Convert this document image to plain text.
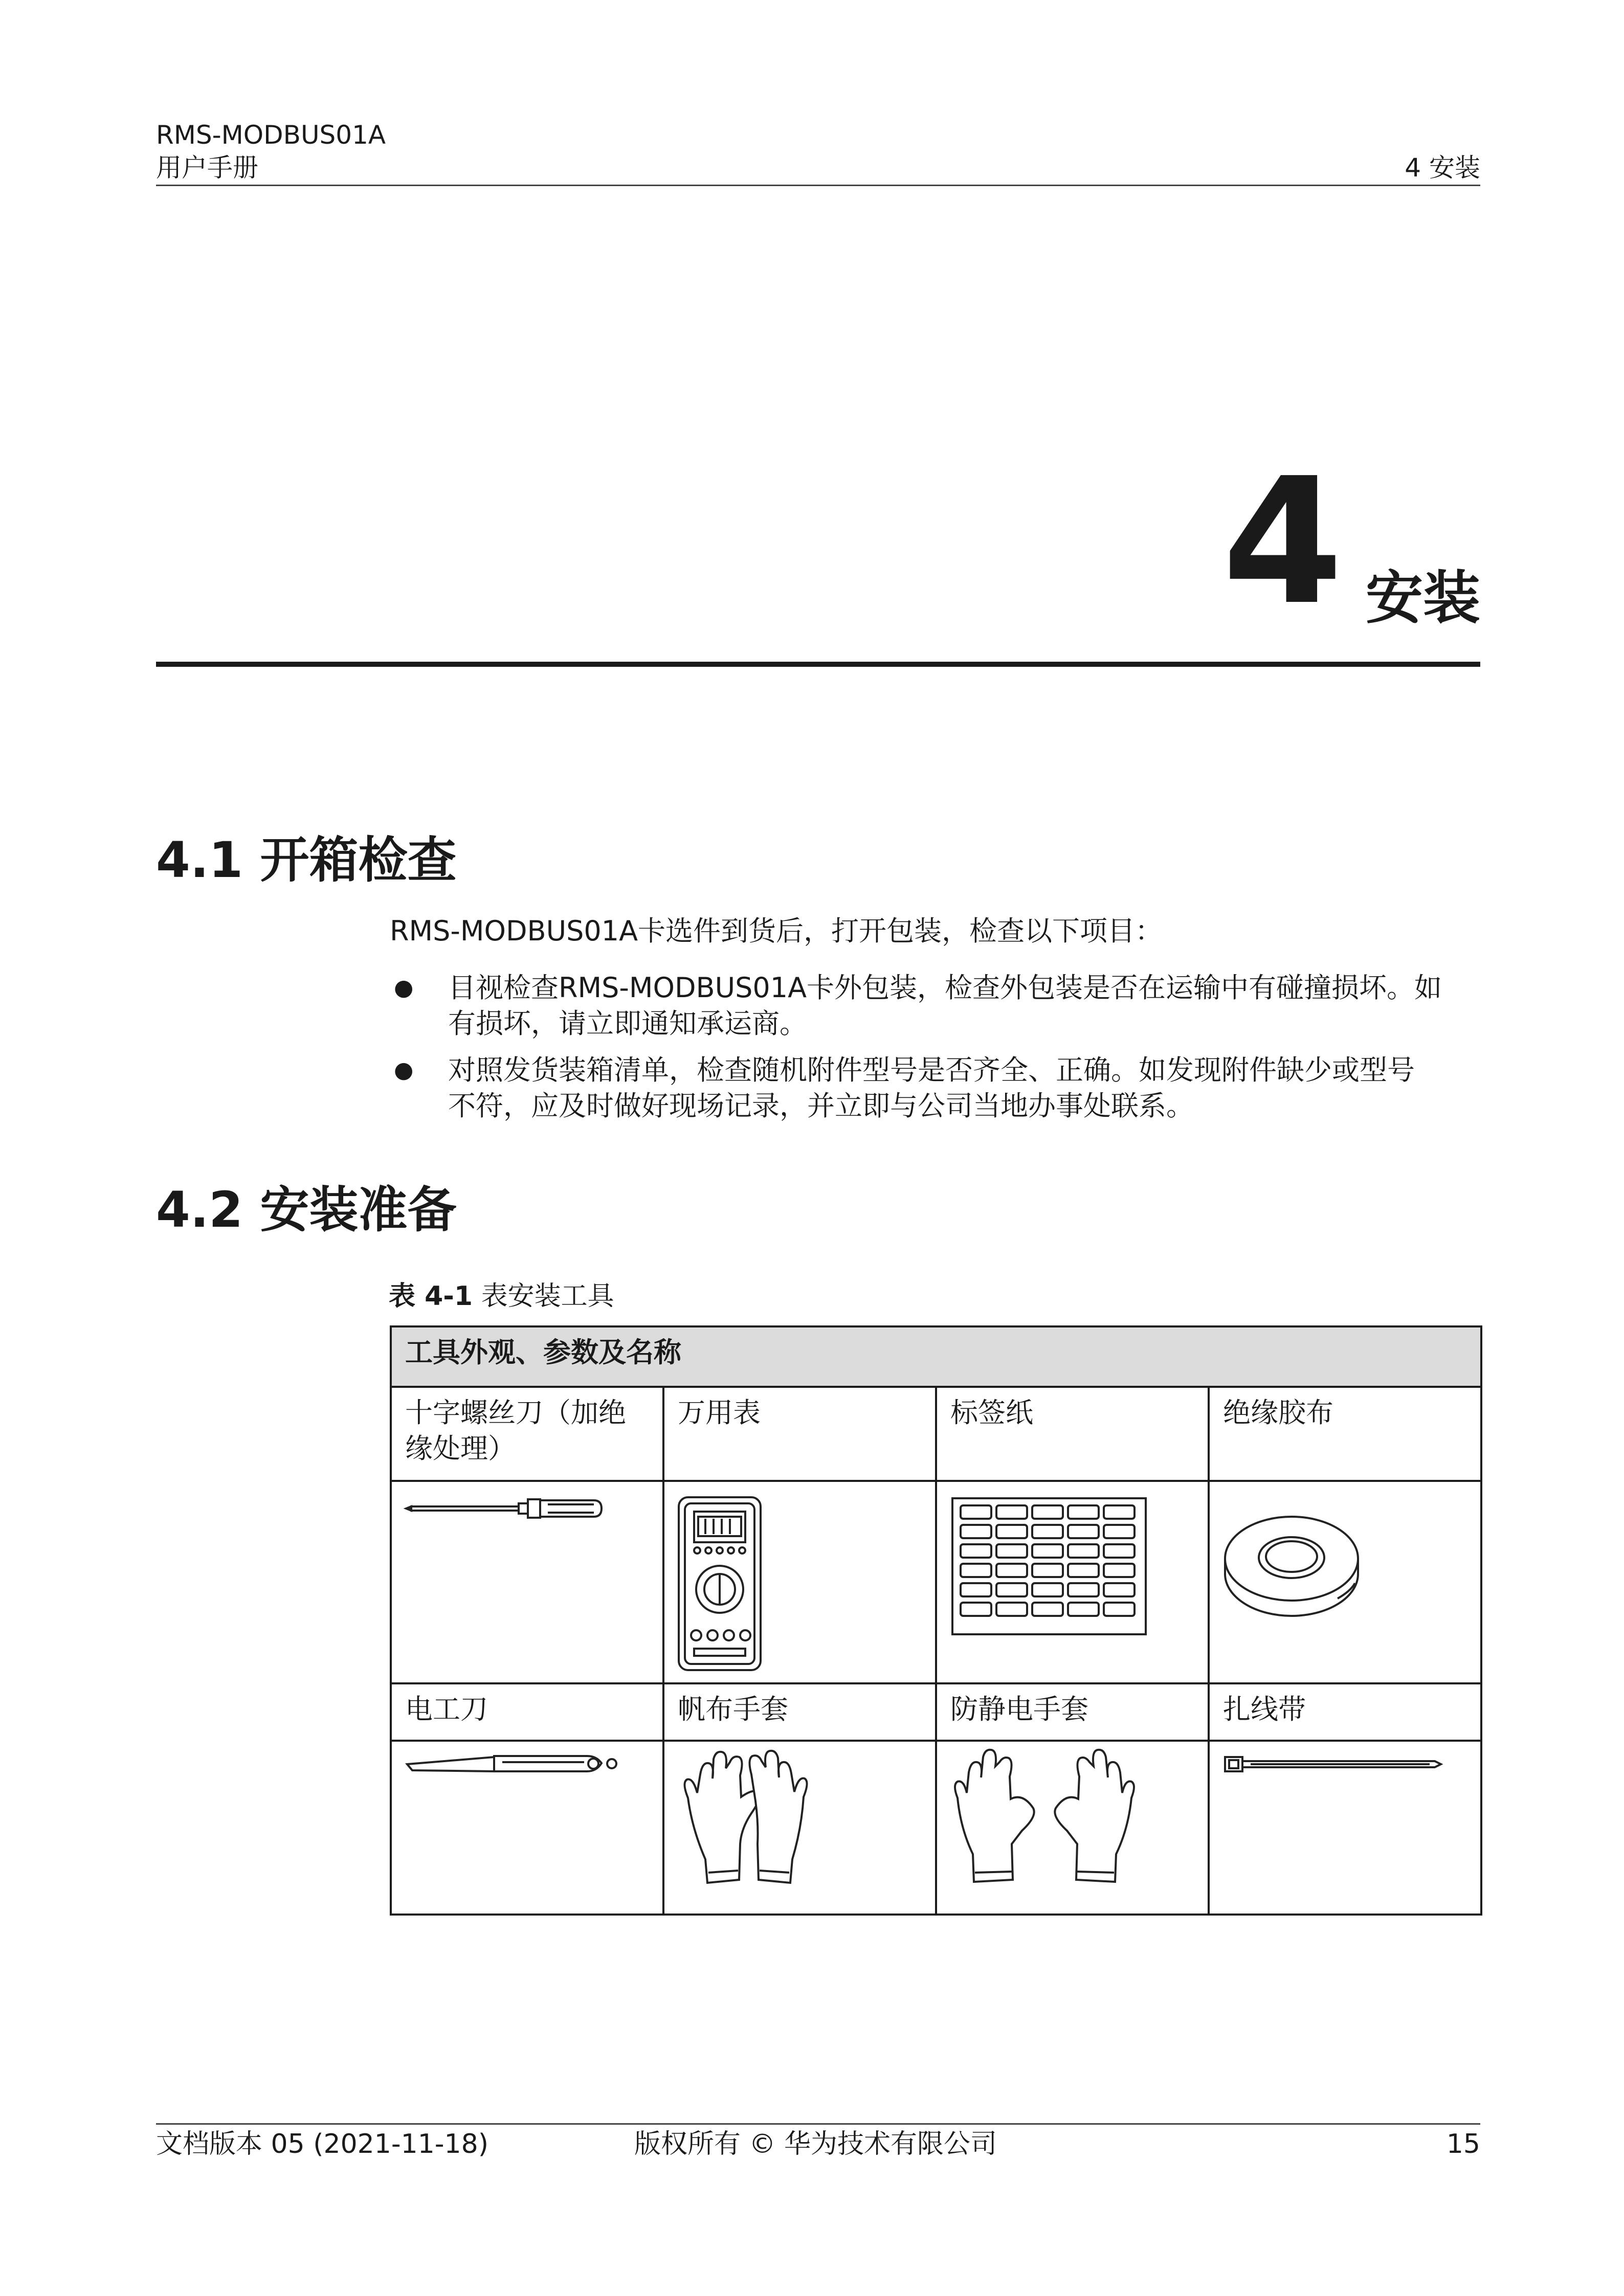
RMS-MODBUS01A
用户手册	4 安装
4 安装
4.1 开箱检查
RMS-MODBUS01A卡选件到货后，打开包装，检查以下项目：
● 目视检查RMS-MODBUS01A卡外包装，检查外包装是否在运输中有碰撞损坏。如
有损坏，请立即通知承运商。
● 对照发货装箱清单，检查随机附件型号是否齐全、正确。如发现附件缺少或型号
不符，应及时做好现场记录，并立即与公司当地办事处联系。
4.2 安装准备
表 4-1 表安装工具
工具外观、参数及名称			

十字螺丝刀（加绝
缘处理）	万用表	标签纸	绝缘胶布

电工刀	帆布手套	防静电手套	扎线带

文档版本 05 (2021-11-18)	版权所有 © 华为技术有限公司	15
